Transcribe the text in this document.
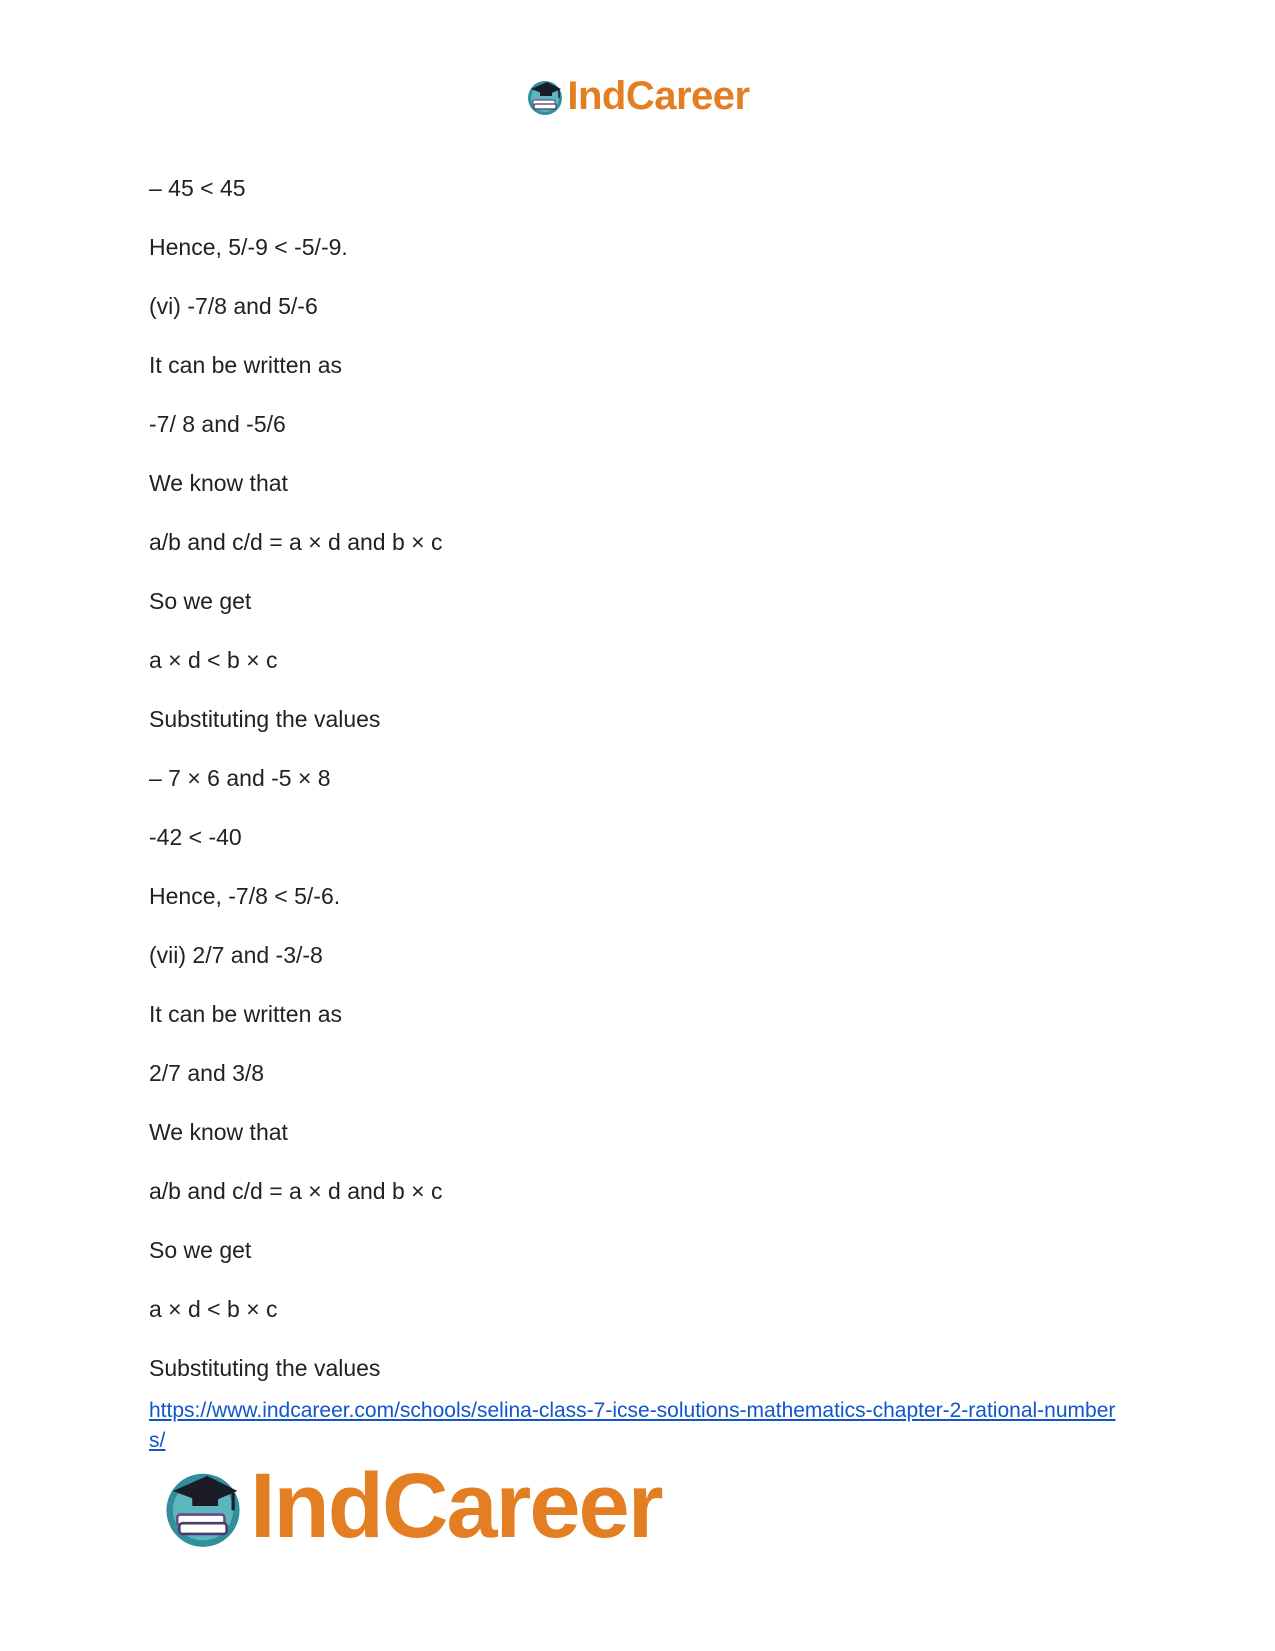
IndCareer
– 45 < 45
Hence, 5/-9 < -5/-9.
(vi) -7/8 and 5/-6
It can be written as
-7/ 8 and -5/6
We know that
a/b and c/d = a × d and b × c
So we get
a × d < b × c
Substituting the values
– 7 × 6 and -5 × 8
-42 < -40
Hence, -7/8 < 5/-6.
(vii) 2/7 and -3/-8
It can be written as
2/7 and 3/8
We know that
a/b and c/d = a × d and b × c
So we get
a × d < b × c
Substituting the values
https://www.indcareer.com/schools/selina-class-7-icse-solutions-mathematics-chapter-2-rational-numbers/
IndCareer
